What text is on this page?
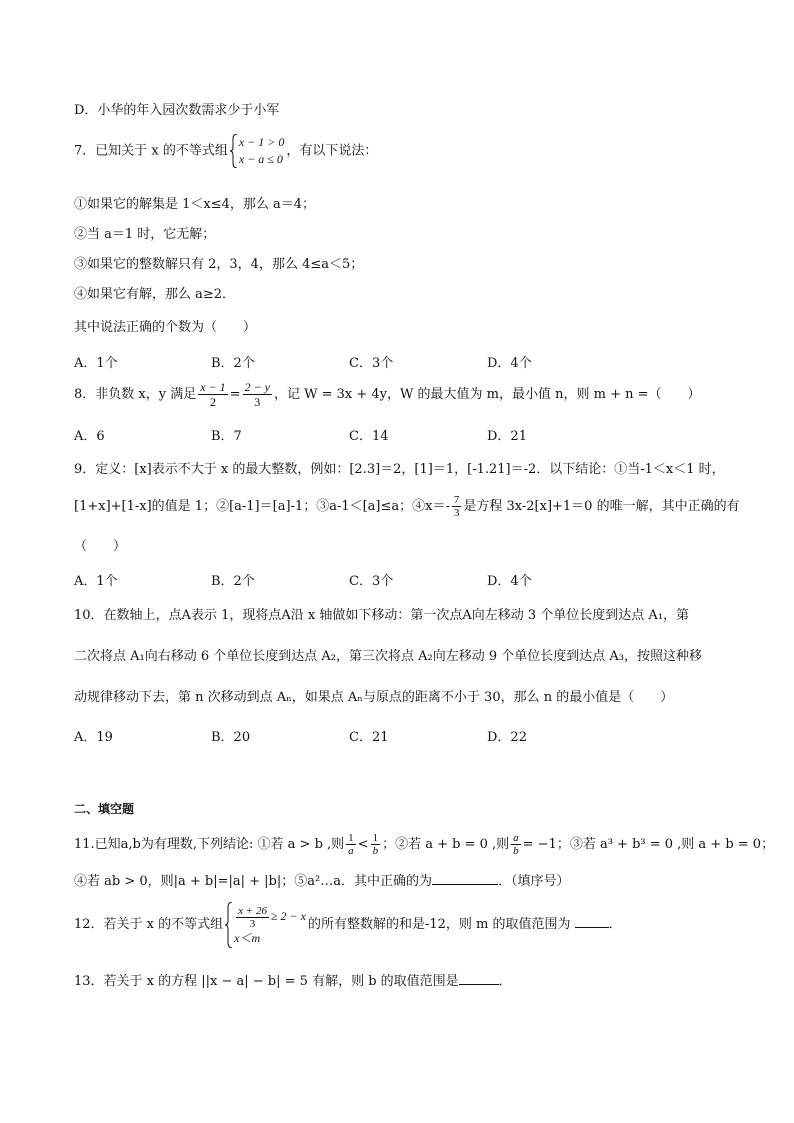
D．小华的年入园次数需求少于小军
7．已知关于 x 的不等式组
x − 1 > 0
x − a ≤ 0
，有以下说法：
①如果它的解集是 1＜x≤4，那么 a＝4；
②当 a＝1 时，它无解；
③如果它的整数解只有 2，3，4，那么 4≤a＜5；
④如果它有解，那么 a≥2．
其中说法正确的个数为（　　）
A．1个	B．2个	C．3个	D．4个
8．非负数 x，y 满足 $\frac{x - 1}{2} = \frac{2 - y}{3}$ ，记 W = 3x + 4y，W 的最大值为 m，最小值 n，则 m + n =（　　）
A．6	B．7	C．14	D．21
9．定义：[x]表示不大于 x 的最大整数，例如：[2.3]＝2，[1]＝1，[-1.21]＝-2．以下结论：①当-1＜x＜1 时，
[1+x]+[1-x]的值是 1；②[a-1]＝[a]-1；③a-1＜[a]≤a；④x＝- $\frac{7}{3}$ 是方程 3x-2[x]+1＝0 的唯一解，其中正确的有
（　　）
A．1个	B．2个	C．3个	D．4个
10．在数轴上，点A表示 1，现将点A沿 x 轴做如下移动：第一次点A向左移动 3 个单位长度到达点 A₁，第
二次将点 A₁向右移动 6 个单位长度到达点 A₂，第三次将点 A₂向左移动 9 个单位长度到达点 A₃，按照这种移
动规律移动下去，第 n 次移动到点 Aₙ，如果点 Aₙ与原点的距离不小于 30，那么 n 的最小值是（　　）
A．19	B．20	C．21	D．22
二、填空题
11.已知a,b为有理数,下列结论: ①若 a > b ,则 $\frac{1}{a} < \frac{1}{b}$ ；②若 a + b = 0 ,则 $\frac{a}{b} = -1$；③若 a³ + b³ = 0 ,则 a + b = 0；
④若 ab > 0，则|a + b|=|a| + |b|；⑤a²…a．其中正确的为	．（填序号）
12．若关于 x 的不等式组 $\frac{x + 26}{3} \ge 2 - x$
x＜m
的所有整数解的和是-12，则 m 的取值范围为	．
13．若关于 x 的方程 ||x − a| − b| = 5 有解，则 b 的取值范围是	．
